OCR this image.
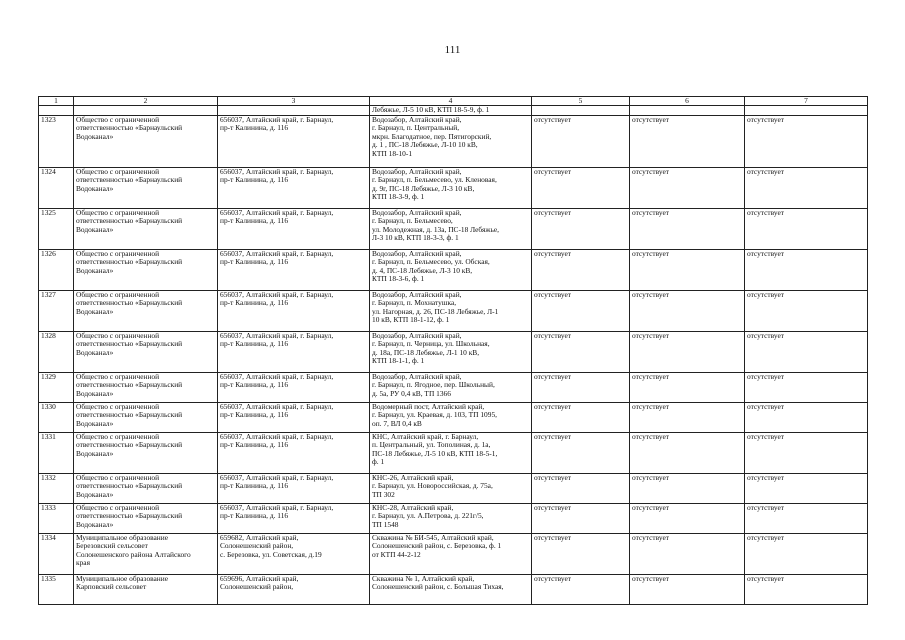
111
1	2	3	4	5	6	7

			Лебяжье, Л-5 10 кВ, КТП 18-5-9, ф. 1			

1323	Общество с ограниченной
ответственностью «Барнаульский
Водоканал»	656037, Алтайский край, г. Барнаул,
пр-т Калинина, д. 116	Водозабор, Алтайский край,
г. Барнаул, п. Центральный,
мкрн. Благодатное, пер. Пятигорский,
д. 1 , ПС-18 Лебяжье, Л-10 10 кВ,
КТП 18-10-1	отсутствует	отсутствует	отсутствует
1324	Общество с ограниченной
ответственностью «Барнаульский
Водоканал»	656037, Алтайский край, г. Барнаул,
пр-т Калинина, д. 116	Водозабор, Алтайский край,
г. Барнаул, п. Бельмесево, ул. Кленовая,
д. 9г, ПС-18 Лебяжье, Л-3 10 кВ,
КТП 18-3-9, ф. 1	отсутствует	отсутствует	отсутствует
1325	Общество с ограниченной
ответственностью «Барнаульский
Водоканал»	656037, Алтайский край, г. Барнаул,
пр-т Калинина, д. 116	Водозабор, Алтайский край,
г. Барнаул, п. Бельмесево,
ул. Молодежная, д. 13а, ПС-18 Лебяжье,
Л-3 10 кВ, КТП 18-3-3, ф. 1	отсутствует	отсутствует	отсутствует
1326	Общество с ограниченной
ответственностью «Барнаульский
Водоканал»	656037, Алтайский край, г. Барнаул,
пр-т Калинина, д. 116	Водозабор, Алтайский край,
г. Барнаул, п. Бельмесево, ул. Обская,
д. 4, ПС-18 Лебяжье, Л-3 10 кВ,
КТП 18-3-6, ф. 1	отсутствует	отсутствует	отсутствует
1327	Общество с ограниченной
ответственностью «Барнаульский
Водоканал»	656037, Алтайский край, г. Барнаул,
пр-т Калинина, д. 116	Водозабор, Алтайский край,
г. Барнаул, п. Мохнатушка,
ул. Нагорная, д. 26, ПС-18 Лебяжье, Л-1
10 кВ, КТП 18-1-12, ф. 1	отсутствует	отсутствует	отсутствует
1328	Общество с ограниченной
ответственностью «Барнаульский
Водоканал»	656037, Алтайский край, г. Барнаул,
пр-т Калинина, д. 116	Водозабор, Алтайский край,
г. Барнаул, п. Черница, ул. Школьная,
д. 18а, ПС-18 Лебяжье, Л-1 10 кВ,
КТП 18-1-1, ф. 1	отсутствует	отсутствует	отсутствует
1329	Общество с ограниченной
ответственностью «Барнаульский
Водоканал»	656037, Алтайский край, г. Барнаул,
пр-т Калинина, д. 116	Водозабор, Алтайский край,
г. Барнаул, п. Ягодное, пер. Школьный,
д. 5а, РУ 0,4 кВ, ТП 1366	отсутствует	отсутствует	отсутствует
1330	Общество с ограниченной
ответственностью «Барнаульский
Водоканал»	656037, Алтайский край, г. Барнаул,
пр-т Калинина, д. 116	Водомерный пост, Алтайский край,
г. Барнаул, ул. Краевая, д. 103, ТП 1095,
оп. 7, ВЛ 0,4 кВ	отсутствует	отсутствует	отсутствует
1331	Общество с ограниченной
ответственностью «Барнаульский
Водоканал»	656037, Алтайский край, г. Барнаул,
пр-т Калинина, д. 116	КНС, Алтайский край, г. Барнаул,
п. Центральный, ул. Тополиная, д. 1а,
ПС-18 Лебяжье, Л-5 10 кВ, КТП 18-5-1,
ф. 1	отсутствует	отсутствует	отсутствует
1332	Общество с ограниченной
ответственностью «Барнаульский
Водоканал»	656037, Алтайский край, г. Барнаул,
пр-т Калинина, д. 116	КНС-26, Алтайский край,
г. Барнаул, ул. Новороссийская, д. 75а,
ТП 302	отсутствует	отсутствует	отсутствует
1333	Общество с ограниченной
ответственностью «Барнаульский
Водоканал»	656037, Алтайский край, г. Барнаул,
пр-т Калинина, д. 116	КНС-28, Алтайский край,
г. Барнаул, ул. А.Петрова, д. 221г/5,
ТП 1548	отсутствует	отсутствует	отсутствует
1334	Муниципальное образование
Березовский сельсовет
Солонешенского района Алтайского
края	659682, Алтайский край,
Солонешенский район,
с. Березовка, ул. Советская, д.19	Скважина № БИ-545, Алтайский край,
Солонешенский район, с. Березовка, ф. 1
от КТП 44-2-12	отсутствует	отсутствует	отсутствует
1335	Муниципальное образование
Карповский сельсовет	659696, Алтайский край,
Солонешенский район,	Скважина № 1, Алтайский край,
Солонешенский район, с. Большая Тихая,	отсутствует	отсутствует	отсутствует
